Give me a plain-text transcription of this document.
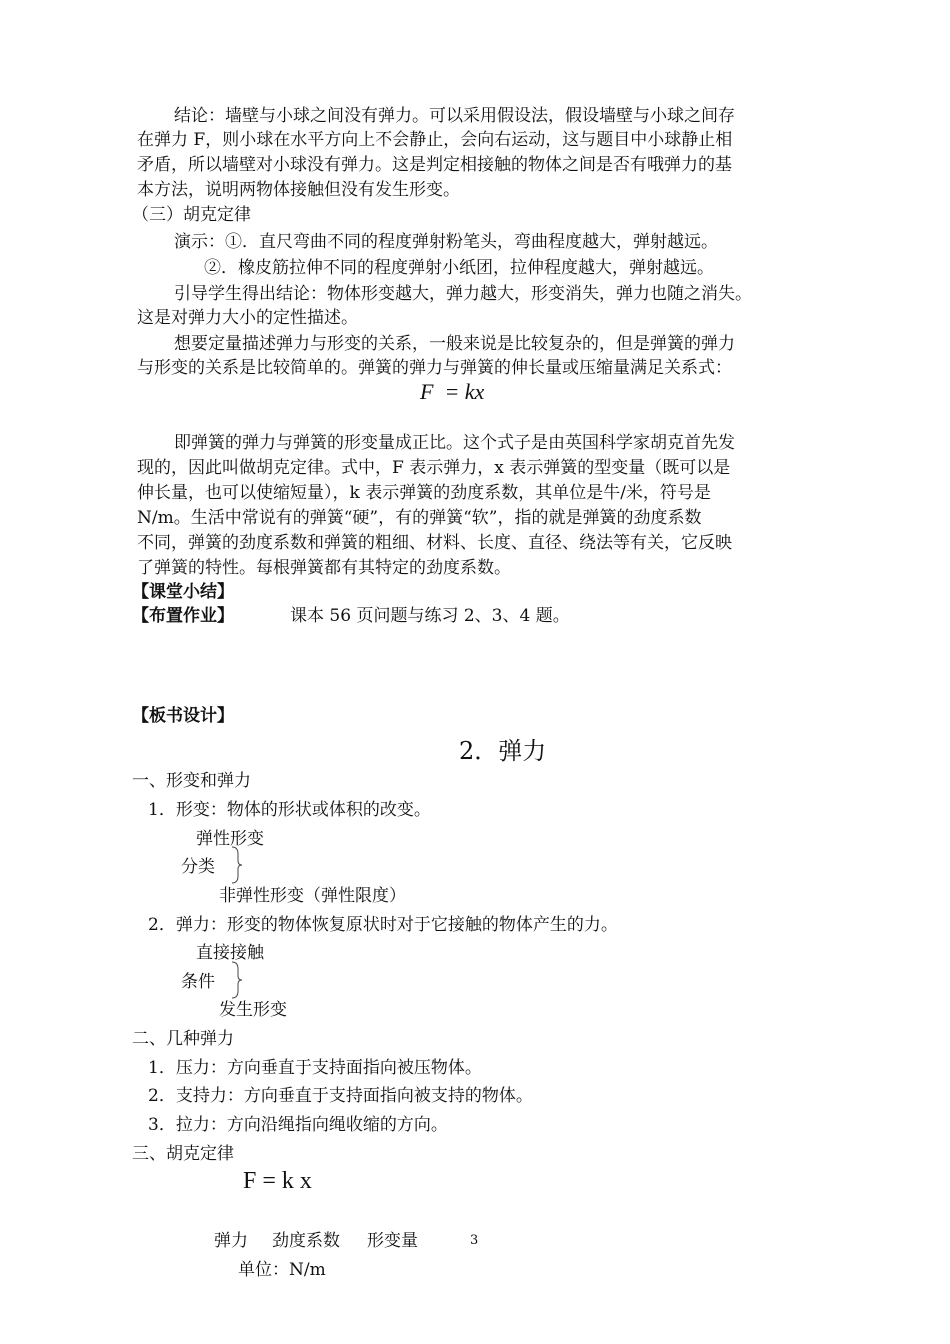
结论：墙壁与小球之间没有弹力。可以采用假设法，假设墙壁与小球之间存
在弹力 F，则小球在水平方向上不会静止，会向右运动，这与题目中小球静止相
矛盾，所以墙壁对小球没有弹力。这是判定相接触的物体之间是否有哦弹力的基
本方法，说明两物体接触但没有发生形变。
（三）胡克定律
演示：①．直尺弯曲不同的程度弹射粉笔头，弯曲程度越大，弹射越远。
②．橡皮筋拉伸不同的程度弹射小纸团，拉伸程度越大，弹射越远。
引导学生得出结论：物体形变越大，弹力越大，形变消失，弹力也随之消失。
这是对弹力大小的定性描述。
想要定量描述弹力与形变的关系，一般来说是比较复杂的，但是弹簧的弹力
与形变的关系是比较简单的。弹簧的弹力与弹簧的伸长量或压缩量满足关系式：
F  = kx
即弹簧的弹力与弹簧的形变量成正比。这个式子是由英国科学家胡克首先发
现的，因此叫做胡克定律。式中，F 表示弹力，x 表示弹簧的型变量（既可以是
伸长量，也可以使缩短量），k 表示弹簧的劲度系数，其单位是牛/米，符号是
N/m。生活中常说有的弹簧“硬”，有的弹簧“软”，指的就是弹簧的劲度系数
不同，弹簧的劲度系数和弹簧的粗细、材料、长度、直径、绕法等有关，它反映
了弹簧的特性。每根弹簧都有其特定的劲度系数。
【课堂小结】
【布置作业】	课本 56 页问题与练习 2、3、4 题。
【板书设计】
2．弹力
一、形变和弹力
1．形变：物体的形状或体积的改变。
弹性形变
分类
非弹性形变（弹性限度）
2．弹力：形变的物体恢复原状时对于它接触的物体产生的力。
直接接触
条件
发生形变
二、几种弹力
1．压力：方向垂直于支持面指向被压物体。
2．支持力：方向垂直于支持面指向被支持的物体。
3．拉力：方向沿绳指向绳收缩的方向。
三、胡克定律
F = k x
弹力 劲度系数 形变量	3
单位：N/m
